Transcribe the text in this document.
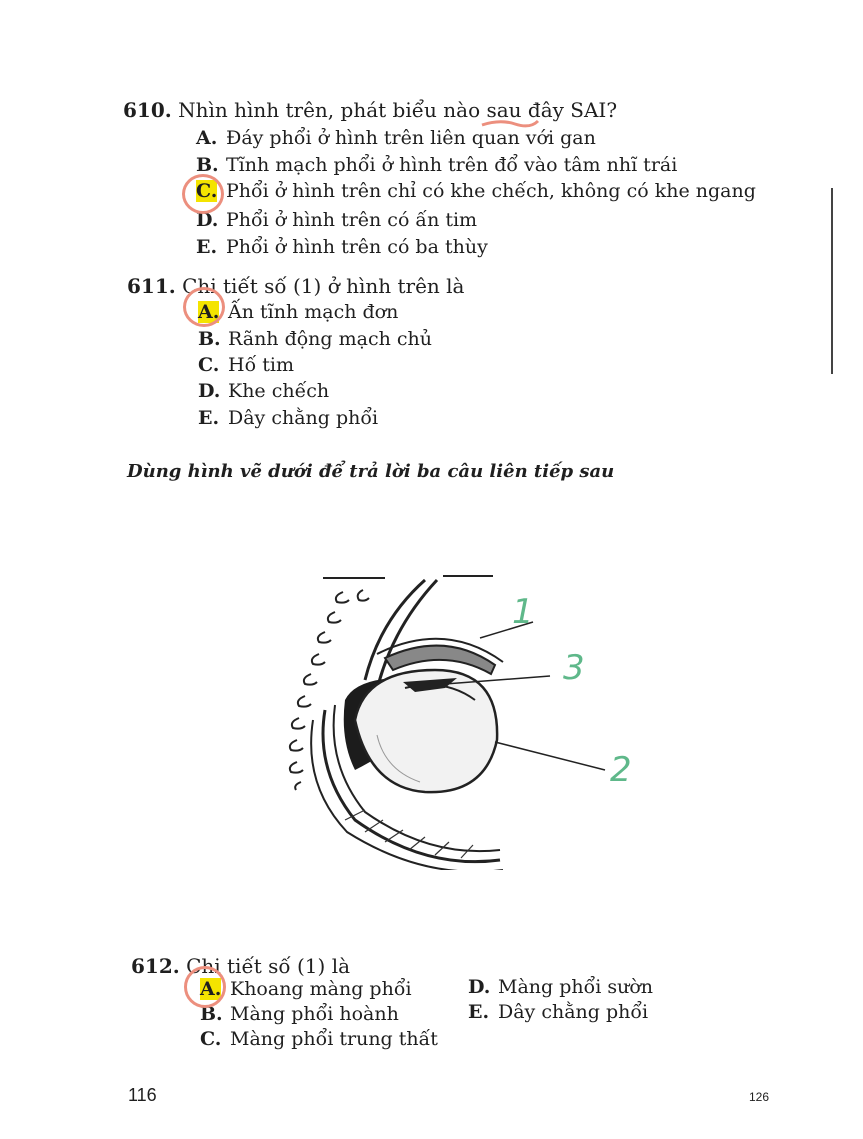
610. Nhìn hình trên, phát biểu nào sau đây SAI?
A. Đáy phổi ở hình trên liên quan với gan
B. Tĩnh mạch phổi ở hình trên đổ vào tâm nhĩ trái
C. Phổi ở hình trên chỉ có khe chếch, không có khe ngang
D. Phổi ở hình trên có ấn tim
E. Phổi ở hình trên có ba thùy
611. Chi tiết số (1) ở hình trên là
A. Ấn tĩnh mạch đơn
B. Rãnh động mạch chủ
C. Hố tim
D. Khe chếch
E. Dây chằng phổi
Dùng hình vẽ dưới để trả lời ba câu liên tiếp sau
1
3
2
612. Chi tiết số (1) là
A. Khoang màng phổi
B. Màng phổi hoành
C. Màng phổi trung thất
D. Màng phổi sườn
E. Dây chằng phổi
116	126
